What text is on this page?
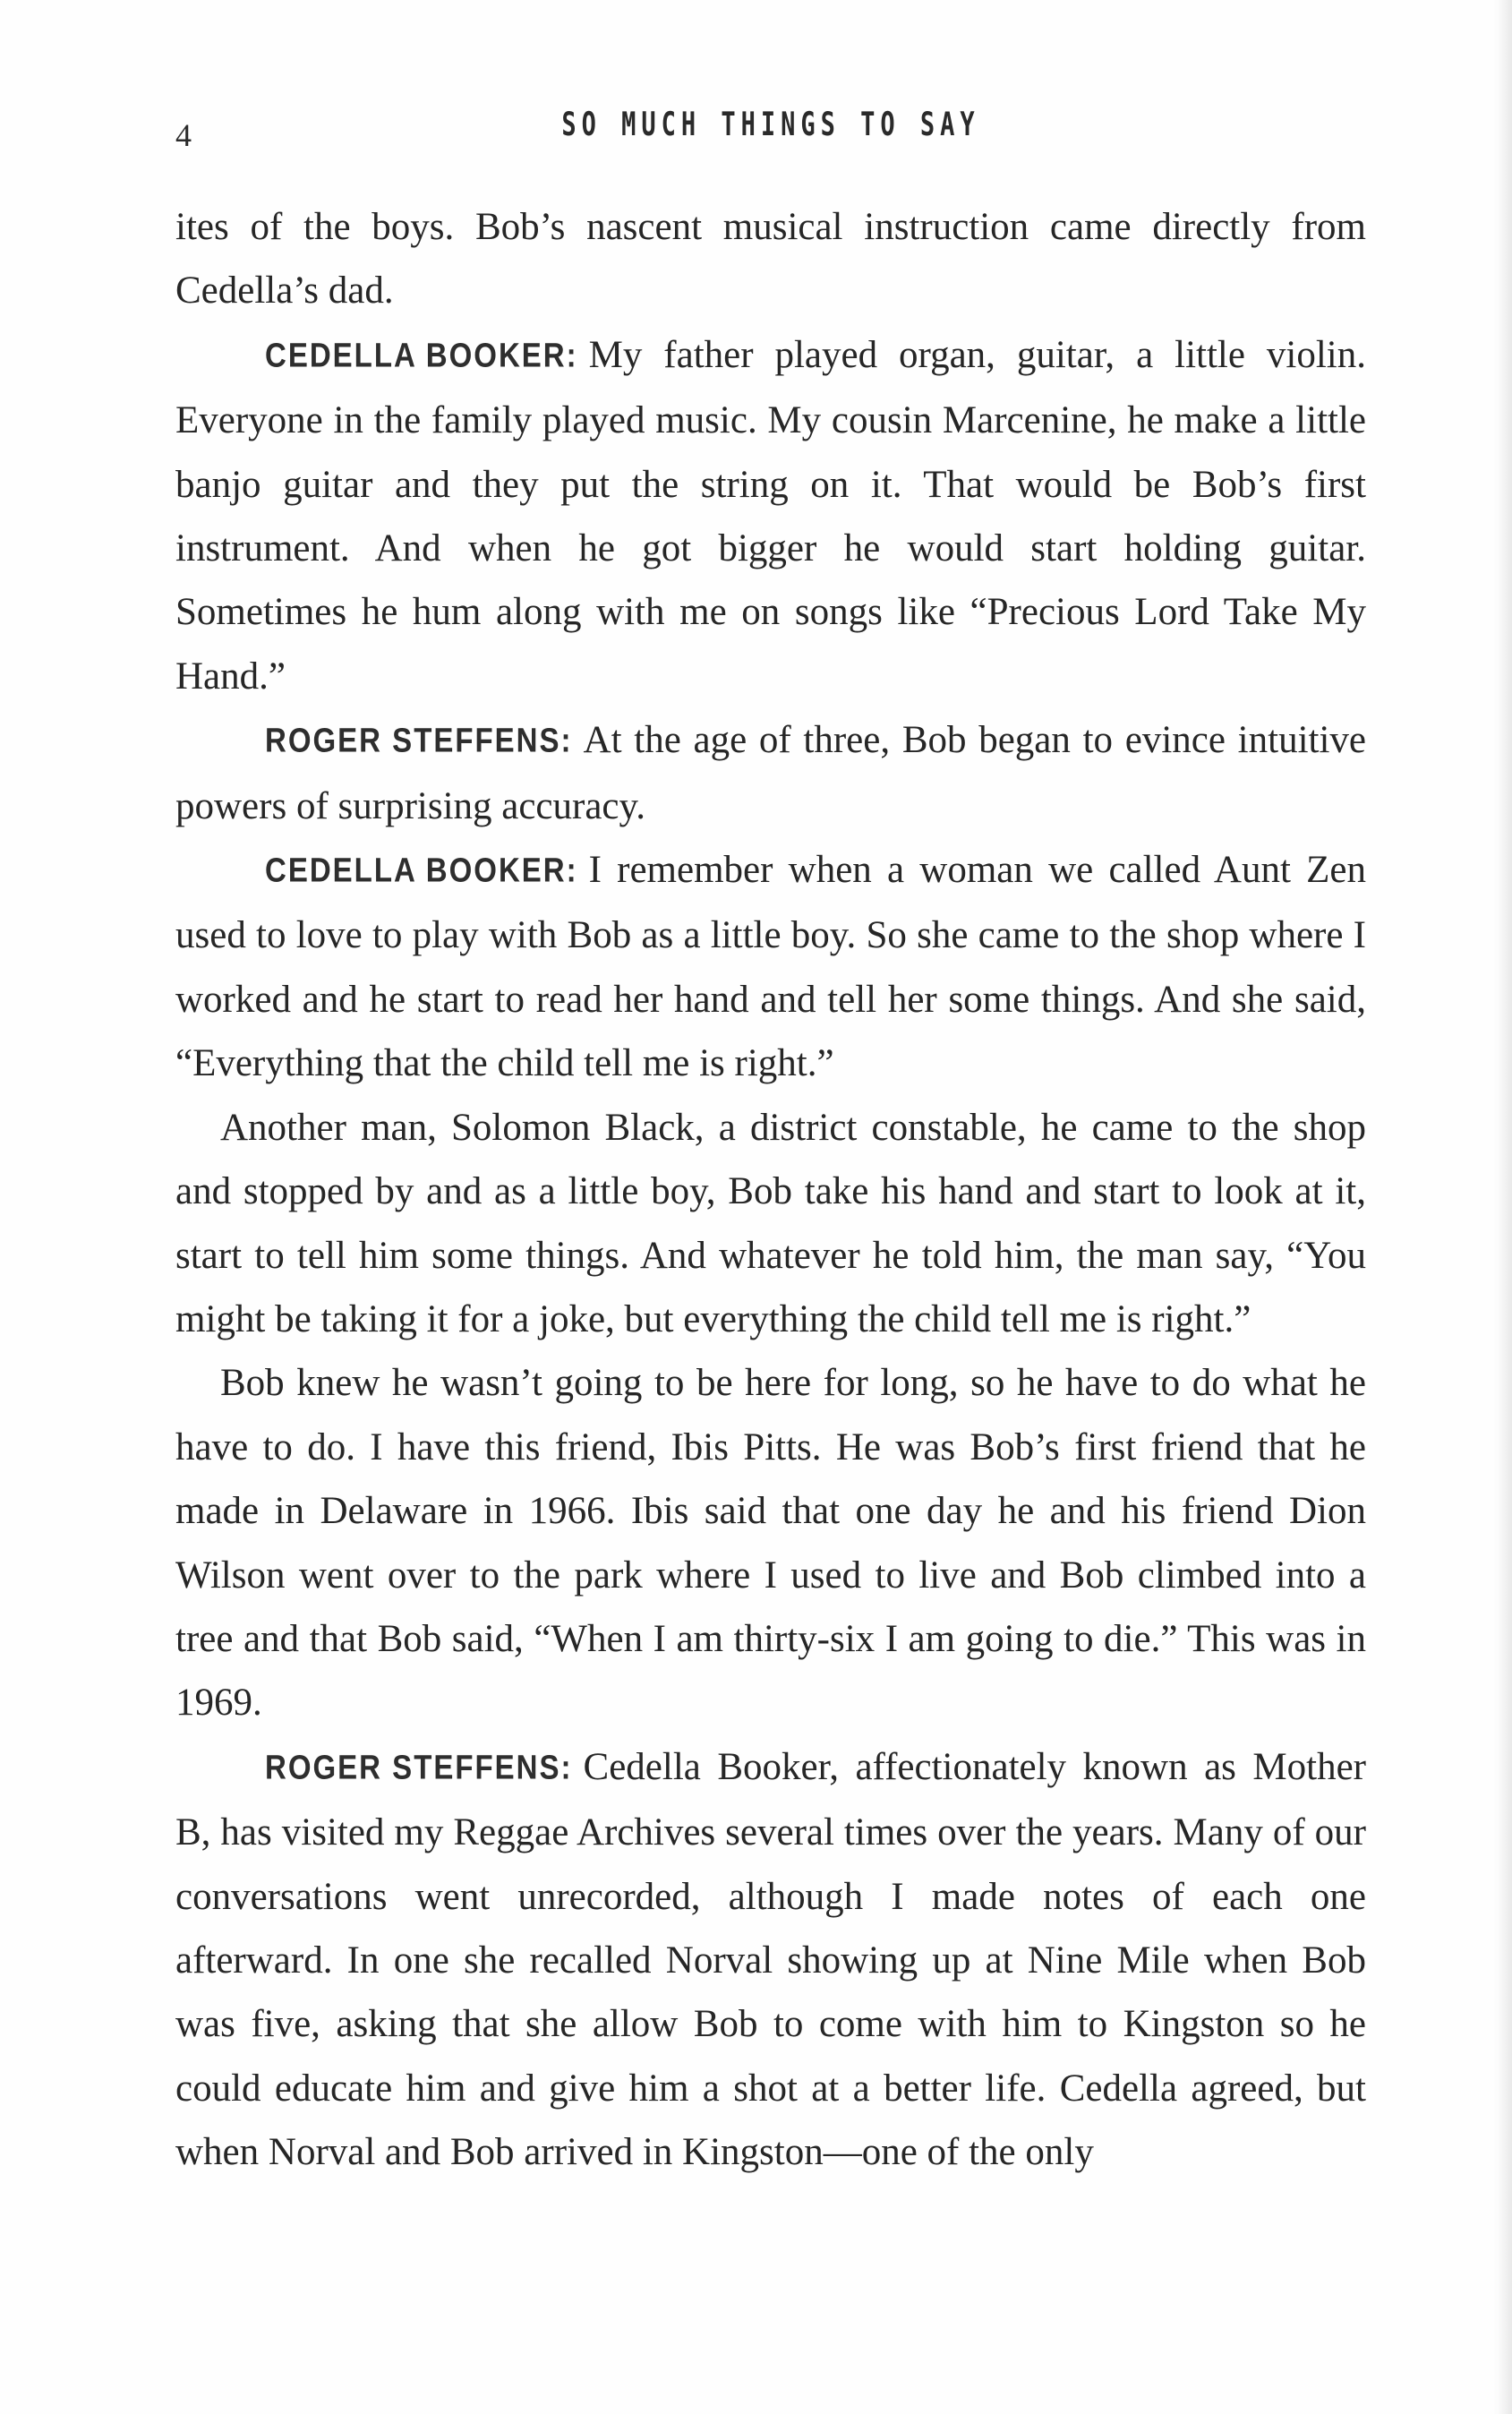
4	SO MUCH THINGS TO SAY

ites of the boys. Bob’s nascent musical instruction came directly from Cedella’s dad.

CEDELLA BOOKER: My father played organ, guitar, a little violin. Everyone in the family played music. My cousin Marcenine, he make a little banjo guitar and they put the string on it. That would be Bob’s first instrument. And when he got bigger he would start holding guitar. Sometimes he hum along with me on songs like “Precious Lord Take My Hand.”

ROGER STEFFENS: At the age of three, Bob began to evince intuitive powers of surprising accuracy.

CEDELLA BOOKER: I remember when a woman we called Aunt Zen used to love to play with Bob as a little boy. So she came to the shop where I worked and he start to read her hand and tell her some things. And she said, “Everything that the child tell me is right.”

Another man, Solomon Black, a district constable, he came to the shop and stopped by and as a little boy, Bob take his hand and start to look at it, start to tell him some things. And whatever he told him, the man say, “You might be taking it for a joke, but everything the child tell me is right.”

Bob knew he wasn’t going to be here for long, so he have to do what he have to do. I have this friend, Ibis Pitts. He was Bob’s first friend that he made in Delaware in 1966. Ibis said that one day he and his friend Dion Wilson went over to the park where I used to live and Bob climbed into a tree and that Bob said, “When I am thirty-six I am going to die.” This was in 1969.

ROGER STEFFENS: Cedella Booker, affectionately known as Mother B, has visited my Reggae Archives several times over the years. Many of our conversations went unrecorded, although I made notes of each one afterward. In one she recalled Norval showing up at Nine Mile when Bob was five, asking that she allow Bob to come with him to Kingston so he could educate him and give him a shot at a better life. Cedella agreed, but when Norval and Bob arrived in Kingston—one of the only
